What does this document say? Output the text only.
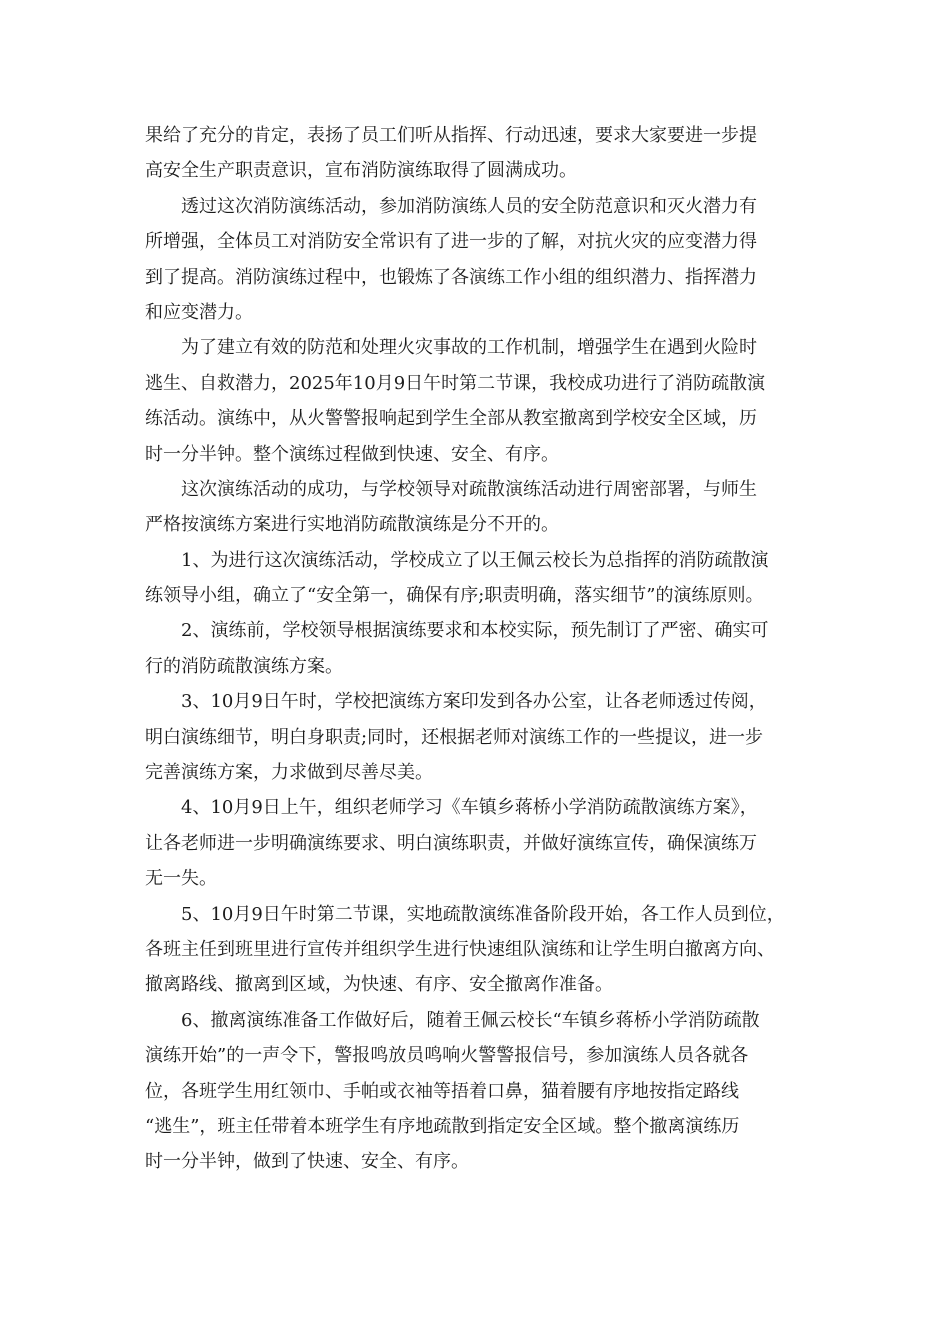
果给了充分的肯定，表扬了员工们听从指挥、行动迅速，要求大家要进一步提
高安全生产职责意识，宣布消防演练取得了圆满成功。
　　透过这次消防演练活动，参加消防演练人员的安全防范意识和灭火潜力有
所增强，全体员工对消防安全常识有了进一步的了解，对抗火灾的应变潜力得
到了提高。消防演练过程中，也锻炼了各演练工作小组的组织潜力、指挥潜力
和应变潜力。
　　为了建立有效的防范和处理火灾事故的工作机制，增强学生在遇到火险时
逃生、自救潜力，2025年10月9日午时第二节课，我校成功进行了消防疏散演
练活动。演练中，从火警警报响起到学生全部从教室撤离到学校安全区域，历
时一分半钟。整个演练过程做到快速、安全、有序。
　　这次演练活动的成功，与学校领导对疏散演练活动进行周密部署，与师生
严格按演练方案进行实地消防疏散演练是分不开的。
　　1、为进行这次演练活动，学校成立了以王佩云校长为总指挥的消防疏散演
练领导小组，确立了“安全第一，确保有序;职责明确，落实细节”的演练原则。
　　2、演练前，学校领导根据演练要求和本校实际，预先制订了严密、确实可
行的消防疏散演练方案。
　　3、10月9日午时，学校把演练方案印发到各办公室，让各老师透过传阅，
明白演练细节，明白身职责;同时，还根据老师对演练工作的一些提议，进一步
完善演练方案，力求做到尽善尽美。
　　4、10月9日上午，组织老师学习《车镇乡蒋桥小学消防疏散演练方案》，
让各老师进一步明确演练要求、明白演练职责，并做好演练宣传，确保演练万
无一失。
　　5、10月9日午时第二节课，实地疏散演练准备阶段开始，各工作人员到位，
各班主任到班里进行宣传并组织学生进行快速组队演练和让学生明白撤离方向、
撤离路线、撤离到区域，为快速、有序、安全撤离作准备。
　　6、撤离演练准备工作做好后，随着王佩云校长“车镇乡蒋桥小学消防疏散
演练开始”的一声令下，警报鸣放员鸣响火警警报信号，参加演练人员各就各
位，各班学生用红领巾、手帕或衣袖等捂着口鼻，猫着腰有序地按指定路线
“逃生”，班主任带着本班学生有序地疏散到指定安全区域。整个撤离演练历
时一分半钟，做到了快速、安全、有序。
